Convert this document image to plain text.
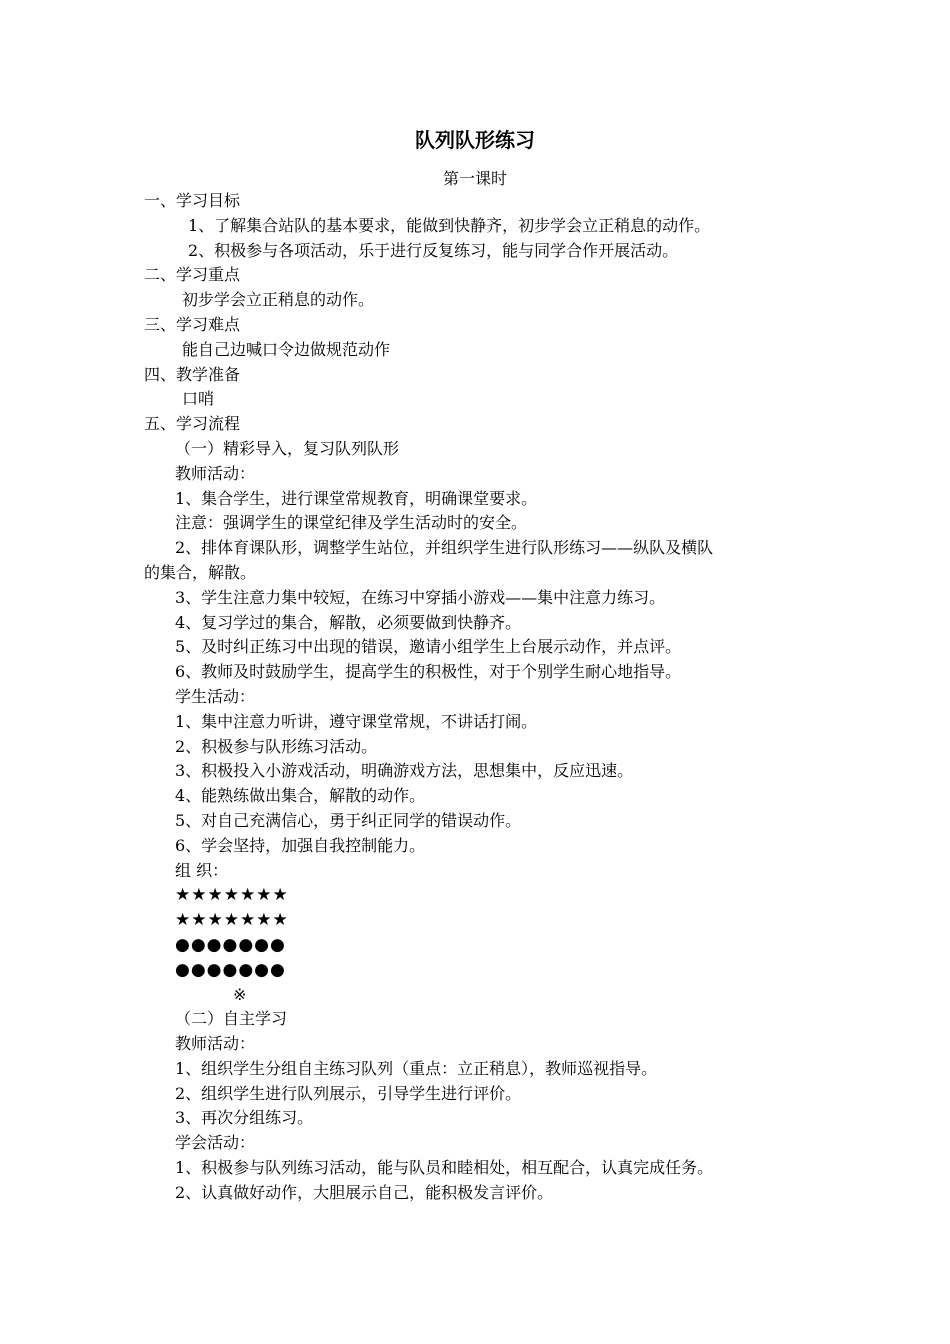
队列队形练习
第一课时

一、学习目标

1、了解集合站队的基本要求，能做到快静齐，初步学会立正稍息的动作。

2、积极参与各项活动，乐于进行反复练习，能与同学合作开展活动。

二、学习重点

初步学会立正稍息的动作。

三、学习难点

能自己边喊口令边做规范动作

四、教学准备

口哨

五、学习流程

（一）精彩导入，复习队列队形

教师活动：

1、集合学生，进行课堂常规教育，明确课堂要求。

注意：强调学生的课堂纪律及学生活动时的安全。

2、排体育课队形，调整学生站位，并组织学生进行队形练习——纵队及横队

的集合，解散。

3、学生注意力集中较短，在练习中穿插小游戏——集中注意力练习。

4、复习学过的集合，解散，必须要做到快静齐。

5、及时纠正练习中出现的错误，邀请小组学生上台展示动作，并点评。

6、教师及时鼓励学生，提高学生的积极性，对于个别学生耐心地指导。

学生活动：

1、集中注意力听讲，遵守课堂常规，不讲话打闹。

2、积极参与队形练习活动。

3、积极投入小游戏活动，明确游戏方法，思想集中，反应迅速。

4、能熟练做出集合，解散的动作。

5、对自己充满信心，勇于纠正同学的错误动作。

6、学会坚持，加强自我控制能力。

组 织：

★★★★★★★

★★★★★★★

●●●●●●●

●●●●●●●

※

（二）自主学习

教师活动：

1、组织学生分组自主练习队列（重点：立正稍息），教师巡视指导。

2、组织学生进行队列展示，引导学生进行评价。

3、再次分组练习。

学会活动：

1、积极参与队列练习活动，能与队员和睦相处，相互配合，认真完成任务。

2、认真做好动作，大胆展示自己，能积极发言评价。
